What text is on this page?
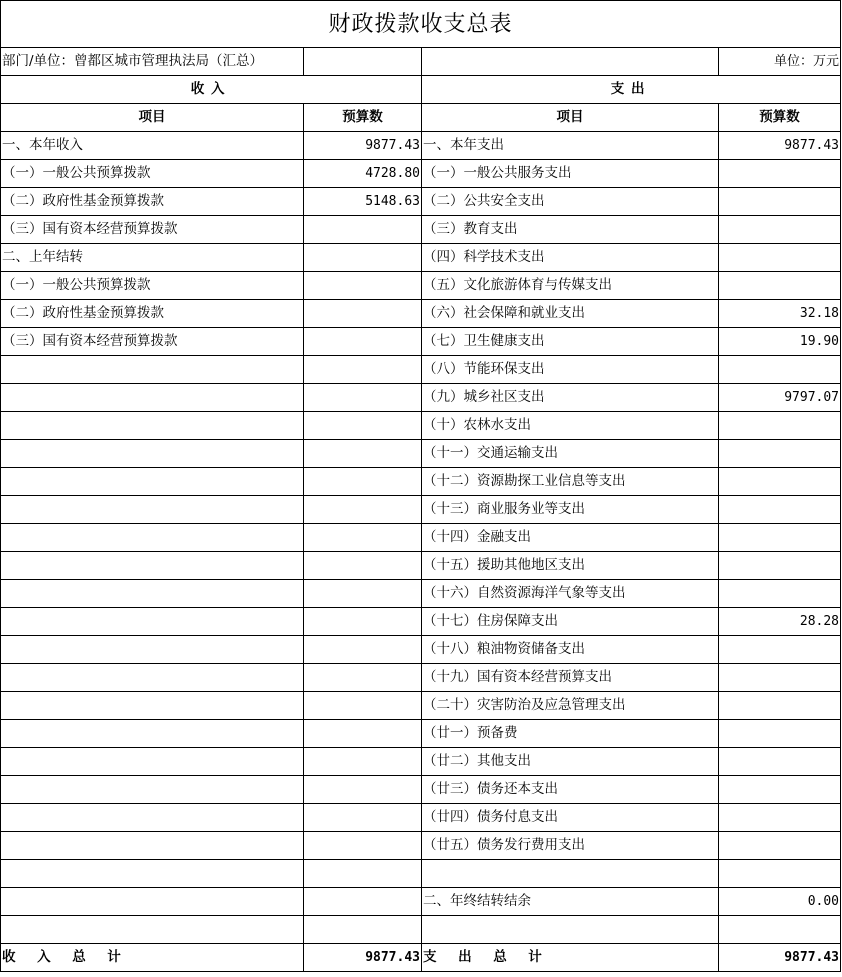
财政拨款收支总表			
部门/单位：曾都区城市管理执法局（汇总）			单位：万元
收入		支出	
项目	预算数	项目	预算数
一、本年收入	9877.43	一、本年支出	9877.43
（一）一般公共预算拨款	4728.80	（一）一般公共服务支出	
（二）政府性基金预算拨款	5148.63	（二）公共安全支出	
（三）国有资本经营预算拨款		（三）教育支出	
二、上年结转		（四）科学技术支出	
（一）一般公共预算拨款		（五）文化旅游体育与传媒支出	
（二）政府性基金预算拨款		（六）社会保障和就业支出	32.18
（三）国有资本经营预算拨款		（七）卫生健康支出	19.90
		（八）节能环保支出	
		（九）城乡社区支出	9797.07
		（十）农林水支出	
		（十一）交通运输支出	
		（十二）资源勘探工业信息等支出	
		（十三）商业服务业等支出	
		（十四）金融支出	
		（十五）援助其他地区支出	
		（十六）自然资源海洋气象等支出	
		（十七）住房保障支出	28.28
		（十八）粮油物资储备支出	
		（十九）国有资本经营预算支出	
		（二十）灾害防治及应急管理支出	
		（廿一）预备费	
		（廿二）其他支出	
		（廿三）债务还本支出	
		（廿四）债务付息支出	
		（廿五）债务发行费用支出	

		二、年终结转结余	0.00

收入总计	9877.43	支出总计	9877.43
